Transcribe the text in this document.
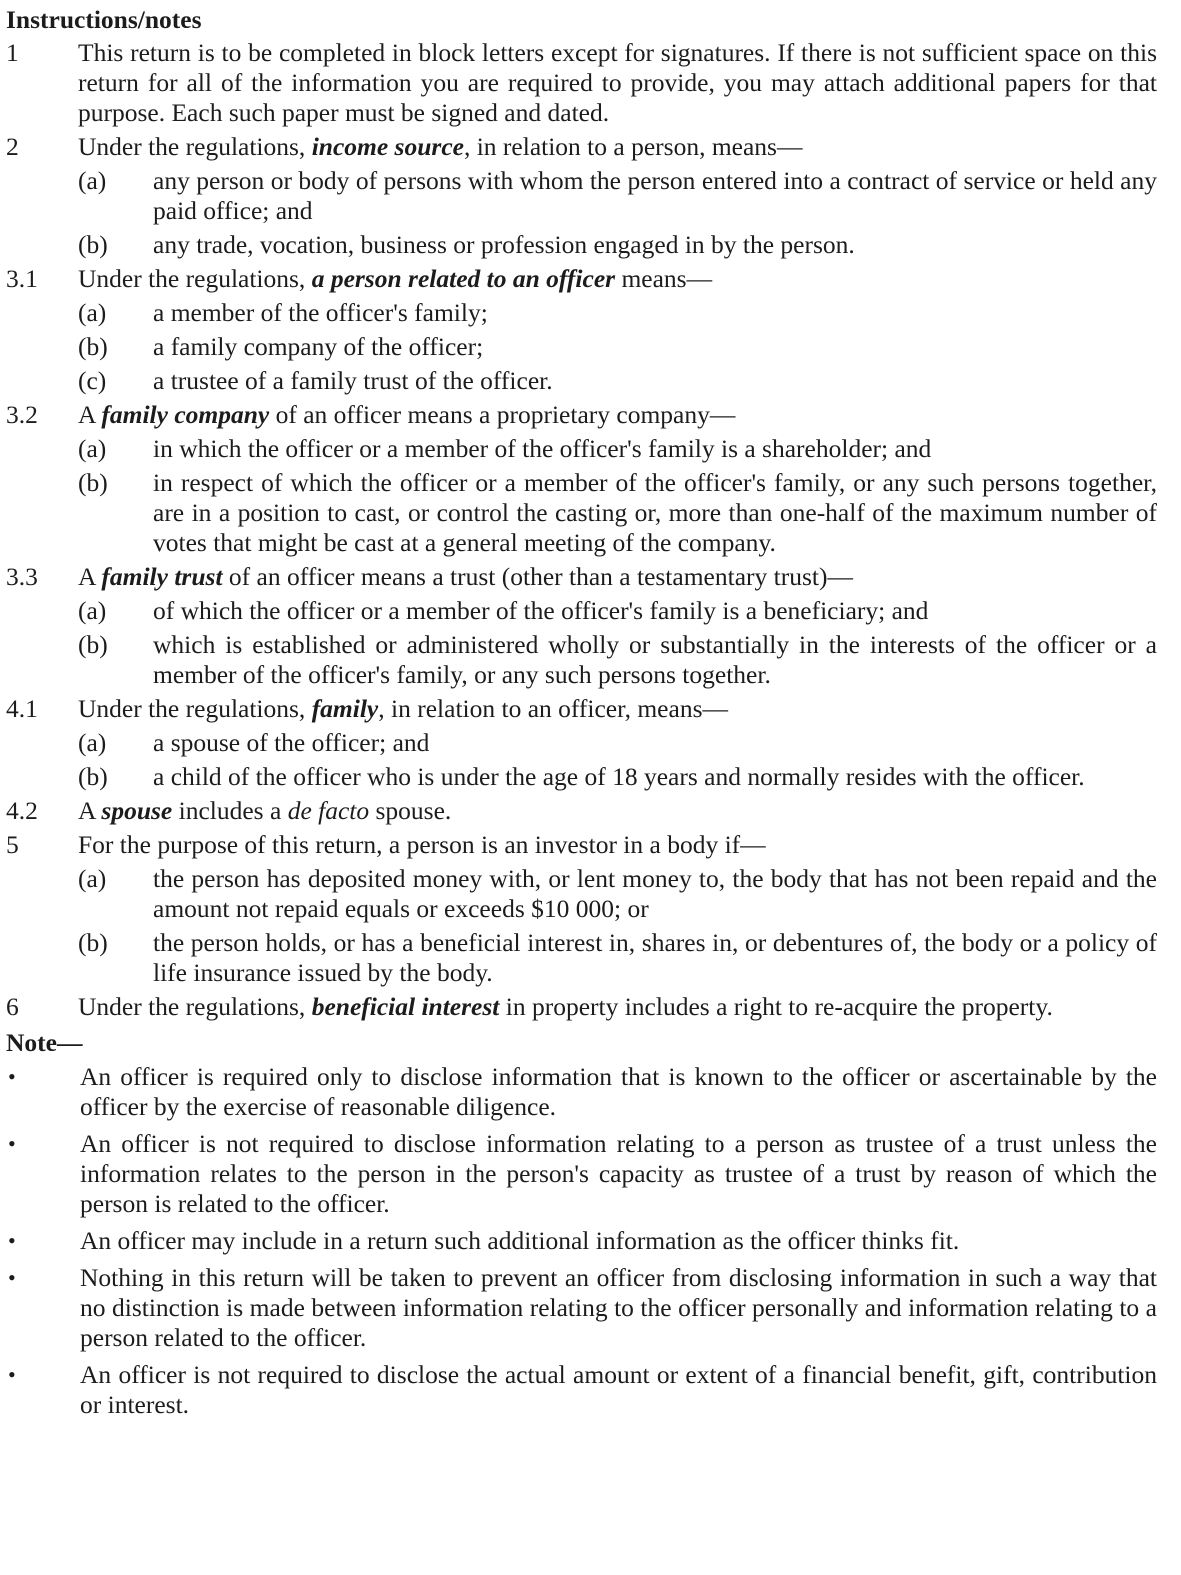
Instructions/notes
1	This return is to be completed in block letters except for signatures. If there is not sufficient space on this return for all of the information you are required to provide, you may attach additional papers for that purpose. Each such paper must be signed and dated.
2	Under the regulations, income source, in relation to a person, means—
(a)	any person or body of persons with whom the person entered into a contract of service or held any paid office; and
(b)	any trade, vocation, business or profession engaged in by the person.
3.1	Under the regulations, a person related to an officer means—
(a)	a member of the officer's family;
(b)	a family company of the officer;
(c)	a trustee of a family trust of the officer.
3.2	A family company of an officer means a proprietary company—
(a)	in which the officer or a member of the officer's family is a shareholder; and
(b)	in respect of which the officer or a member of the officer's family, or any such persons together, are in a position to cast, or control the casting or, more than one-half of the maximum number of votes that might be cast at a general meeting of the company.
3.3	A family trust of an officer means a trust (other than a testamentary trust)—
(a)	of which the officer or a member of the officer's family is a beneficiary; and
(b)	which is established or administered wholly or substantially in the interests of the officer or a member of the officer's family, or any such persons together.
4.1	Under the regulations, family, in relation to an officer, means—
(a)	a spouse of the officer; and
(b)	a child of the officer who is under the age of 18 years and normally resides with the officer.
4.2	A spouse includes a de facto spouse.
5	For the purpose of this return, a person is an investor in a body if—
(a)	the person has deposited money with, or lent money to, the body that has not been repaid and the amount not repaid equals or exceeds $10 000; or
(b)	the person holds, or has a beneficial interest in, shares in, or debentures of, the body or a policy of life insurance issued by the body.
6	Under the regulations, beneficial interest in property includes a right to re-acquire the property.
Note—
•	An officer is required only to disclose information that is known to the officer or ascertainable by the officer by the exercise of reasonable diligence.
•	An officer is not required to disclose information relating to a person as trustee of a trust unless the information relates to the person in the person's capacity as trustee of a trust by reason of which the person is related to the officer.
•	An officer may include in a return such additional information as the officer thinks fit.
•	Nothing in this return will be taken to prevent an officer from disclosing information in such a way that no distinction is made between information relating to the officer personally and information relating to a person related to the officer.
•	An officer is not required to disclose the actual amount or extent of a financial benefit, gift, contribution or interest.
